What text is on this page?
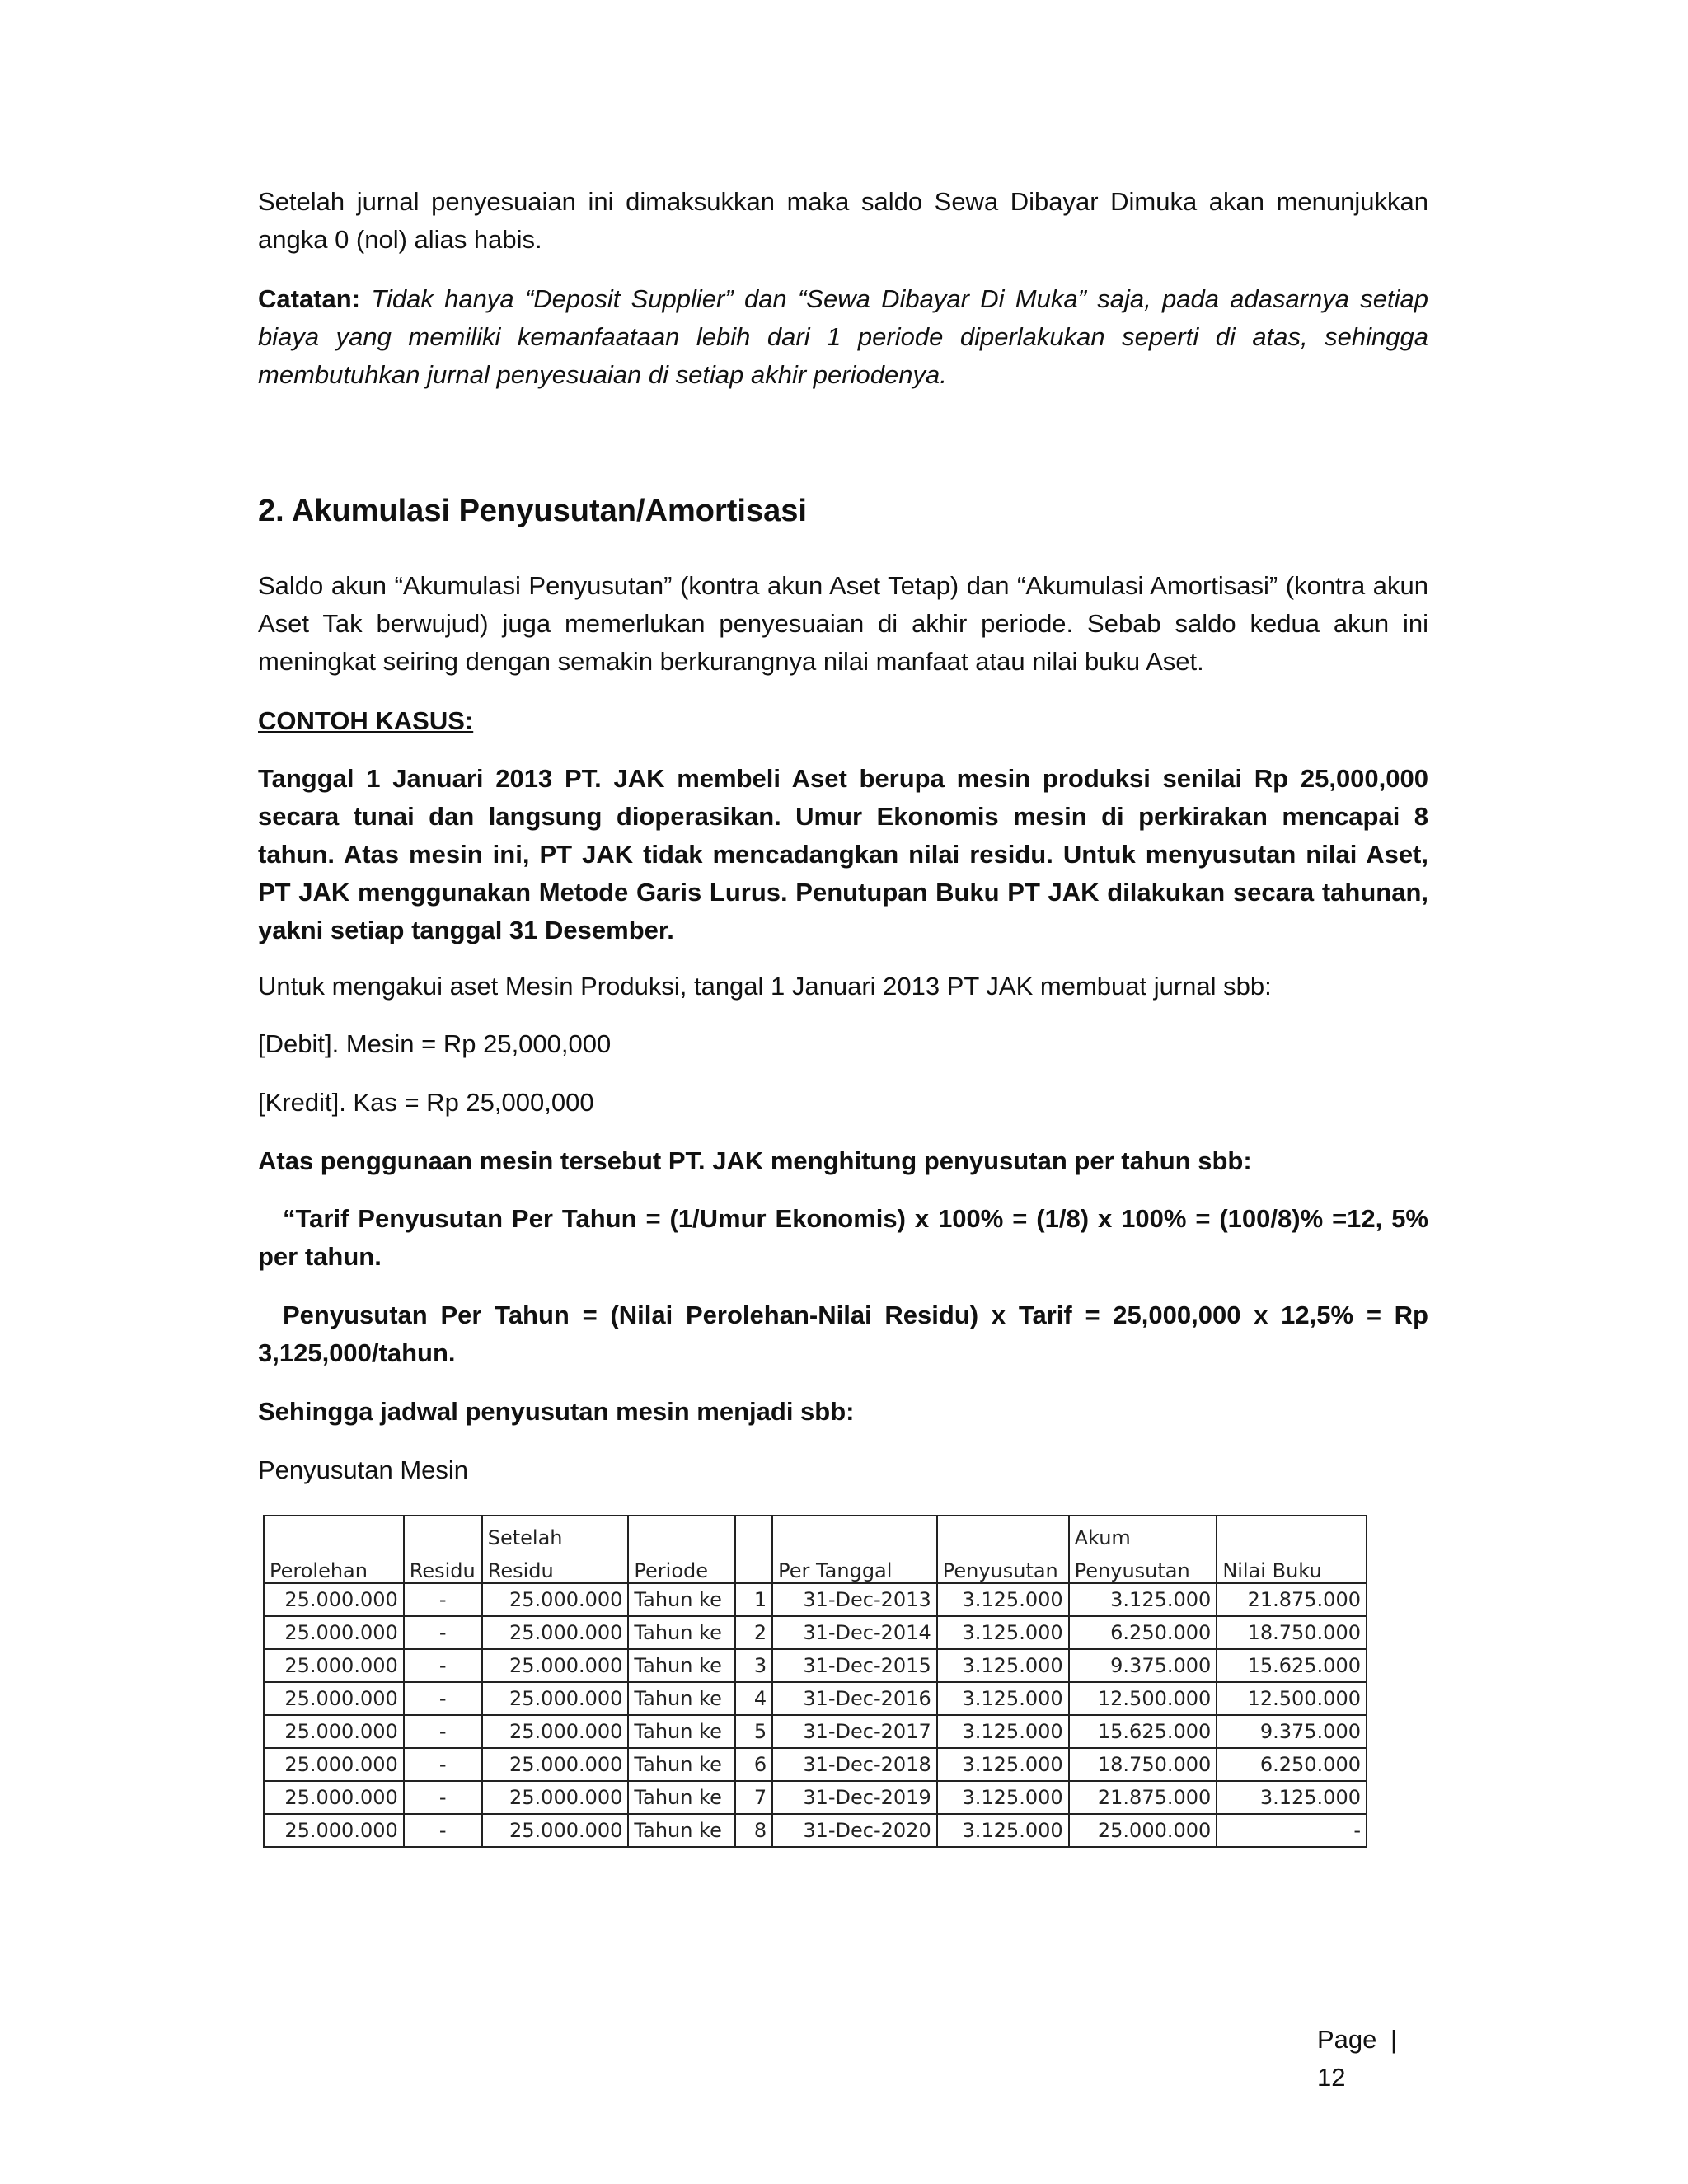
Setelah jurnal penyesuaian ini dimaksukkan maka saldo Sewa Dibayar Dimuka akan menunjukkan angka 0 (nol) alias habis.

Catatan: Tidak hanya “Deposit Supplier” dan “Sewa Dibayar Di Muka” saja, pada adasarnya setiap biaya yang memiliki kemanfaataan lebih dari 1 periode diperlakukan seperti di atas, sehingga membutuhkan jurnal penyesuaian di setiap akhir periodenya.

2. Akumulasi Penyusutan/Amortisasi

Saldo akun “Akumulasi Penyusutan” (kontra akun Aset Tetap) dan “Akumulasi Amortisasi” (kontra akun Aset Tak berwujud) juga memerlukan penyesuaian di akhir periode. Sebab saldo kedua akun ini meningkat seiring dengan semakin berkurangnya nilai manfaat atau nilai buku Aset.

CONTOH KASUS:

Tanggal 1 Januari 2013 PT. JAK membeli Aset berupa mesin produksi senilai Rp 25,000,000 secara tunai dan langsung dioperasikan. Umur Ekonomis mesin di perkirakan mencapai 8 tahun. Atas mesin ini, PT JAK tidak mencadangkan nilai residu. Untuk menyusutan nilai Aset, PT JAK menggunakan Metode Garis Lurus. Penutupan Buku PT JAK dilakukan secara tahunan, yakni setiap tanggal 31 Desember.

Untuk mengakui aset Mesin Produksi, tangal 1 Januari 2013 PT JAK membuat jurnal sbb:

[Debit]. Mesin = Rp 25,000,000

[Kredit]. Kas = Rp 25,000,000

Atas penggunaan mesin tersebut PT. JAK menghitung penyusutan per tahun sbb:

“Tarif Penyusutan Per Tahun = (1/Umur Ekonomis) x 100% = (1/8) x 100% = (100/8)% =12, 5% per tahun.

Penyusutan Per Tahun = (Nilai Perolehan-Nilai Residu) x Tarif = 25,000,000 x 12,5% = Rp 3,125,000/tahun.

Sehingga jadwal penyusutan mesin menjadi sbb:

Penyusutan Mesin

		Setelah					Akum	
Perolehan	Residu	Residu	Periode		Per Tanggal	Penyusutan	Penyusutan	Nilai Buku
25.000.000	-	25.000.000	Tahun ke	1	31-Dec-2013	3.125.000	3.125.000	21.875.000
25.000.000	-	25.000.000	Tahun ke	2	31-Dec-2014	3.125.000	6.250.000	18.750.000
25.000.000	-	25.000.000	Tahun ke	3	31-Dec-2015	3.125.000	9.375.000	15.625.000
25.000.000	-	25.000.000	Tahun ke	4	31-Dec-2016	3.125.000	12.500.000	12.500.000
25.000.000	-	25.000.000	Tahun ke	5	31-Dec-2017	3.125.000	15.625.000	9.375.000
25.000.000	-	25.000.000	Tahun ke	6	31-Dec-2018	3.125.000	18.750.000	6.250.000
25.000.000	-	25.000.000	Tahun ke	7	31-Dec-2019	3.125.000	21.875.000	3.125.000
25.000.000	-	25.000.000	Tahun ke	8	31-Dec-2020	3.125.000	25.000.000	-
Page | 12
